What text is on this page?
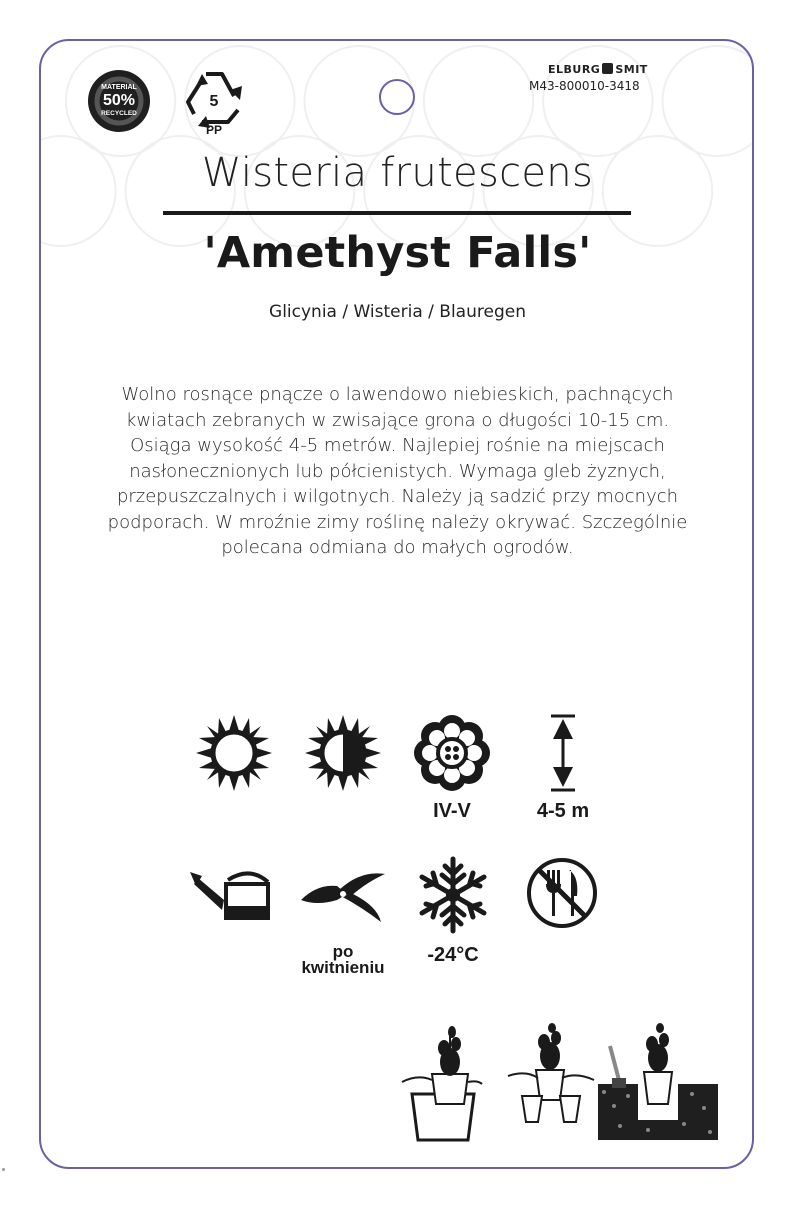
MATERIAL
50%
RECYCLED
5
PP
ELBURG SMIT
M43-800010-3418
Wisteria frutescens
'Amethyst Falls'
Glicynia / Wisteria / Blauregen
Wolno rosnące pnącze o lawendowo niebieskich, pachnących
kwiatach zebranych w zwisające grona o długości 10-15 cm.
Osiąga wysokość 4-5 metrów. Najlepiej rośnie na miejscach
nasłonecznionych lub półcienistych. Wymaga gleb żyznych,
przepuszczalnych i wilgotnych. Należy ją sadzić przy mocnych
podporach. W mroźnie zimy roślinę należy okrywać. Szczególnie
polecana odmiana do małych ogrodów.
IV-V	4-5 m
po
kwitnieniu
-24°C
